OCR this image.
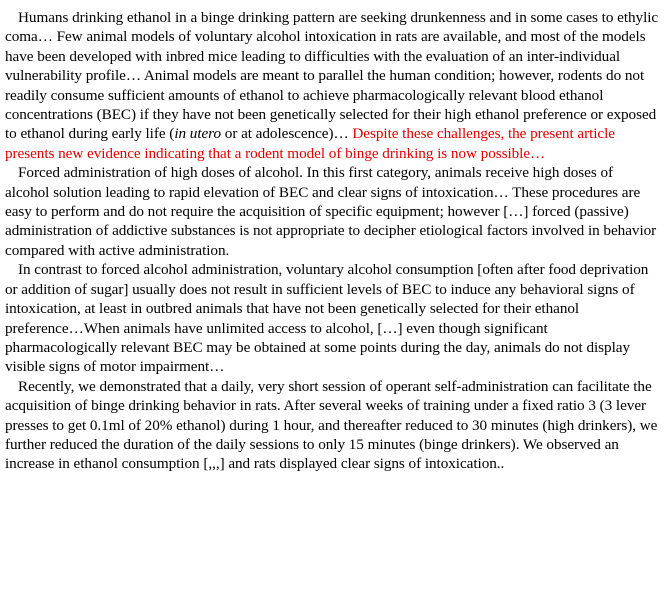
Humans drinking ethanol in a binge drinking pattern are seeking drunkenness and in some cases to ethylic coma… Few animal models of voluntary alcohol intoxication in rats are available, and most of the models have been developed with inbred mice leading to difficulties with the evaluation of an inter-individual vulnerability profile… Animal models are meant to parallel the human condition; however, rodents do not readily consume sufficient amounts of ethanol to achieve pharmacologically relevant blood ethanol concentrations (BEC) if they have not been genetically selected for their high ethanol preference or exposed to ethanol during early life (in utero or at adolescence)… Despite these challenges, the present article presents new evidence indicating that a rodent model of binge drinking is now possible…

Forced administration of high doses of alcohol. In this first category, animals receive high doses of alcohol solution leading to rapid elevation of BEC and clear signs of intoxication… These procedures are easy to perform and do not require the acquisition of specific equipment; however […] forced (passive) administration of addictive substances is not appropriate to decipher etiological factors involved in behavior compared with active administration.

In contrast to forced alcohol administration, voluntary alcohol consumption [often after food deprivation or addition of sugar] usually does not result in sufficient levels of BEC to induce any behavioral signs of intoxication, at least in outbred animals that have not been genetically selected for their ethanol preference…When animals have unlimited access to alcohol, […] even though significant pharmacologically relevant BEC may be obtained at some points during the day, animals do not display visible signs of motor impairment…

Recently, we demonstrated that a daily, very short session of operant self-administration can facilitate the acquisition of binge drinking behavior in rats. After several weeks of training under a fixed ratio 3 (3 lever presses to get 0.1ml of 20% ethanol) during 1 hour, and thereafter reduced to 30 minutes (high drinkers), we further reduced the duration of the daily sessions to only 15 minutes (binge drinkers). We observed an increase in ethanol consumption [,,,] and rats displayed clear signs of intoxication..
